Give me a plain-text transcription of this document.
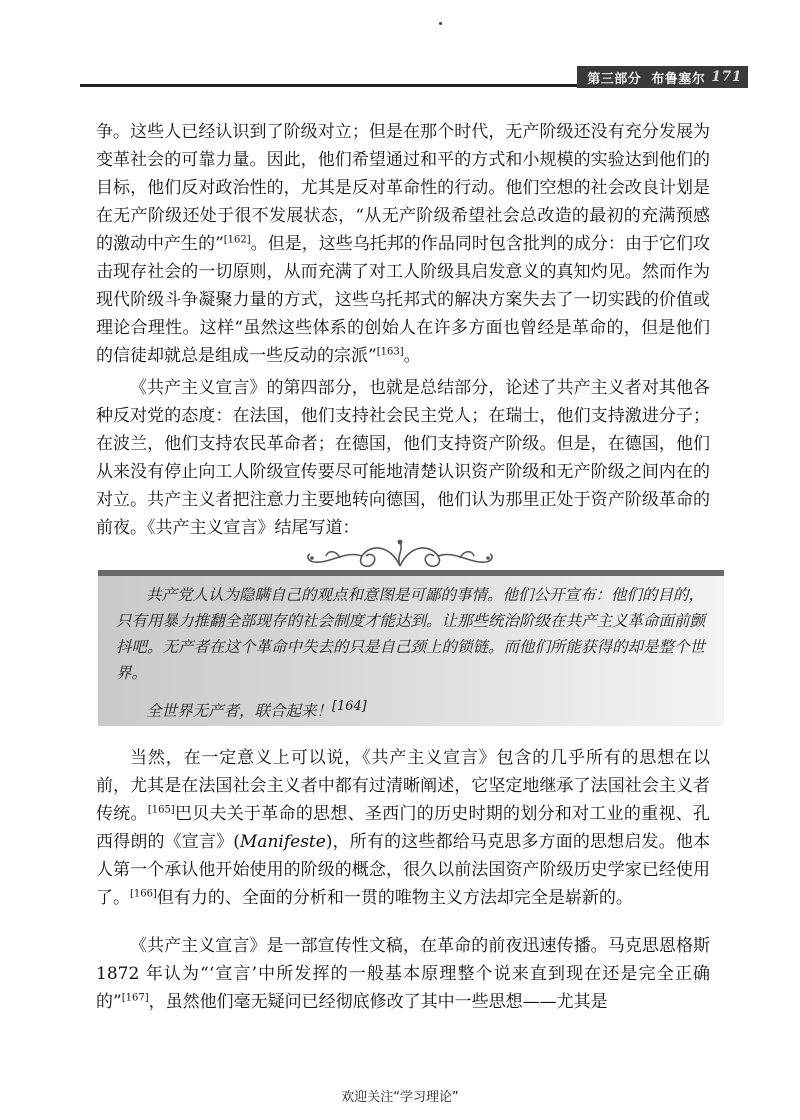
第三部分 布鲁塞尔 171
争。这些人已经认识到了阶级对立；但是在那个时代，无产阶级还没有充分发展为变革社会的可靠力量。因此，他们希望通过和平的方式和小规模的实验达到他们的目标，他们反对政治性的，尤其是反对革命性的行动。他们空想的社会改良计划是在无产阶级还处于很不发展状态，“从无产阶级希望社会总改造的最初的充满预感的激动中产生的”[162]。但是，这些乌托邦的作品同时包含批判的成分：由于它们攻击现存社会的一切原则，从而充满了对工人阶级具启发意义的真知灼见。然而作为现代阶级斗争凝聚力量的方式，这些乌托邦式的解决方案失去了一切实践的价值或理论合理性。这样“虽然这些体系的创始人在许多方面也曾经是革命的，但是他们的信徒却就总是组成一些反动的宗派”[163]。
《共产主义宣言》的第四部分，也就是总结部分，论述了共产主义者对其他各种反对党的态度：在法国，他们支持社会民主党人；在瑞士，他们支持激进分子；在波兰，他们支持农民革命者；在德国，他们支持资产阶级。但是，在德国，他们从来没有停止向工人阶级宣传要尽可能地清楚认识资产阶级和无产阶级之间内在的对立。共产主义者把注意力主要地转向德国，他们认为那里正处于资产阶级革命的前夜。《共产主义宣言》结尾写道：
共产党人认为隐瞒自己的观点和意图是可鄙的事情。他们公开宣布：他们的目的，只有用暴力推翻全部现存的社会制度才能达到。让那些统治阶级在共产主义革命面前颤抖吧。无产者在这个革命中失去的只是自己颈上的锁链。而他们所能获得的却是整个世界。
全世界无产者，联合起来！[164]
当然，在一定意义上可以说，《共产主义宣言》包含的几乎所有的思想在以前，尤其是在法国社会主义者中都有过清晰阐述，它坚定地继承了法国社会主义者传统。[165]巴贝夫关于革命的思想、圣西门的历史时期的划分和对工业的重视、孔西得朗的《宣言》(Manifeste)，所有的这些都给马克思多方面的思想启发。他本人第一个承认他开始使用的阶级的概念，很久以前法国资产阶级历史学家已经使用了。[166]但有力的、全面的分析和一贯的唯物主义方法却完全是崭新的。
《共产主义宣言》是一部宣传性文稿，在革命的前夜迅速传播。马克思恩格斯 1872 年认为“‘宣言’中所发挥的一般基本原理整个说来直到现在还是完全正确的”[167]，虽然他们毫无疑问已经彻底修改了其中一些思想——尤其是
欢迎关注“学习理论”
